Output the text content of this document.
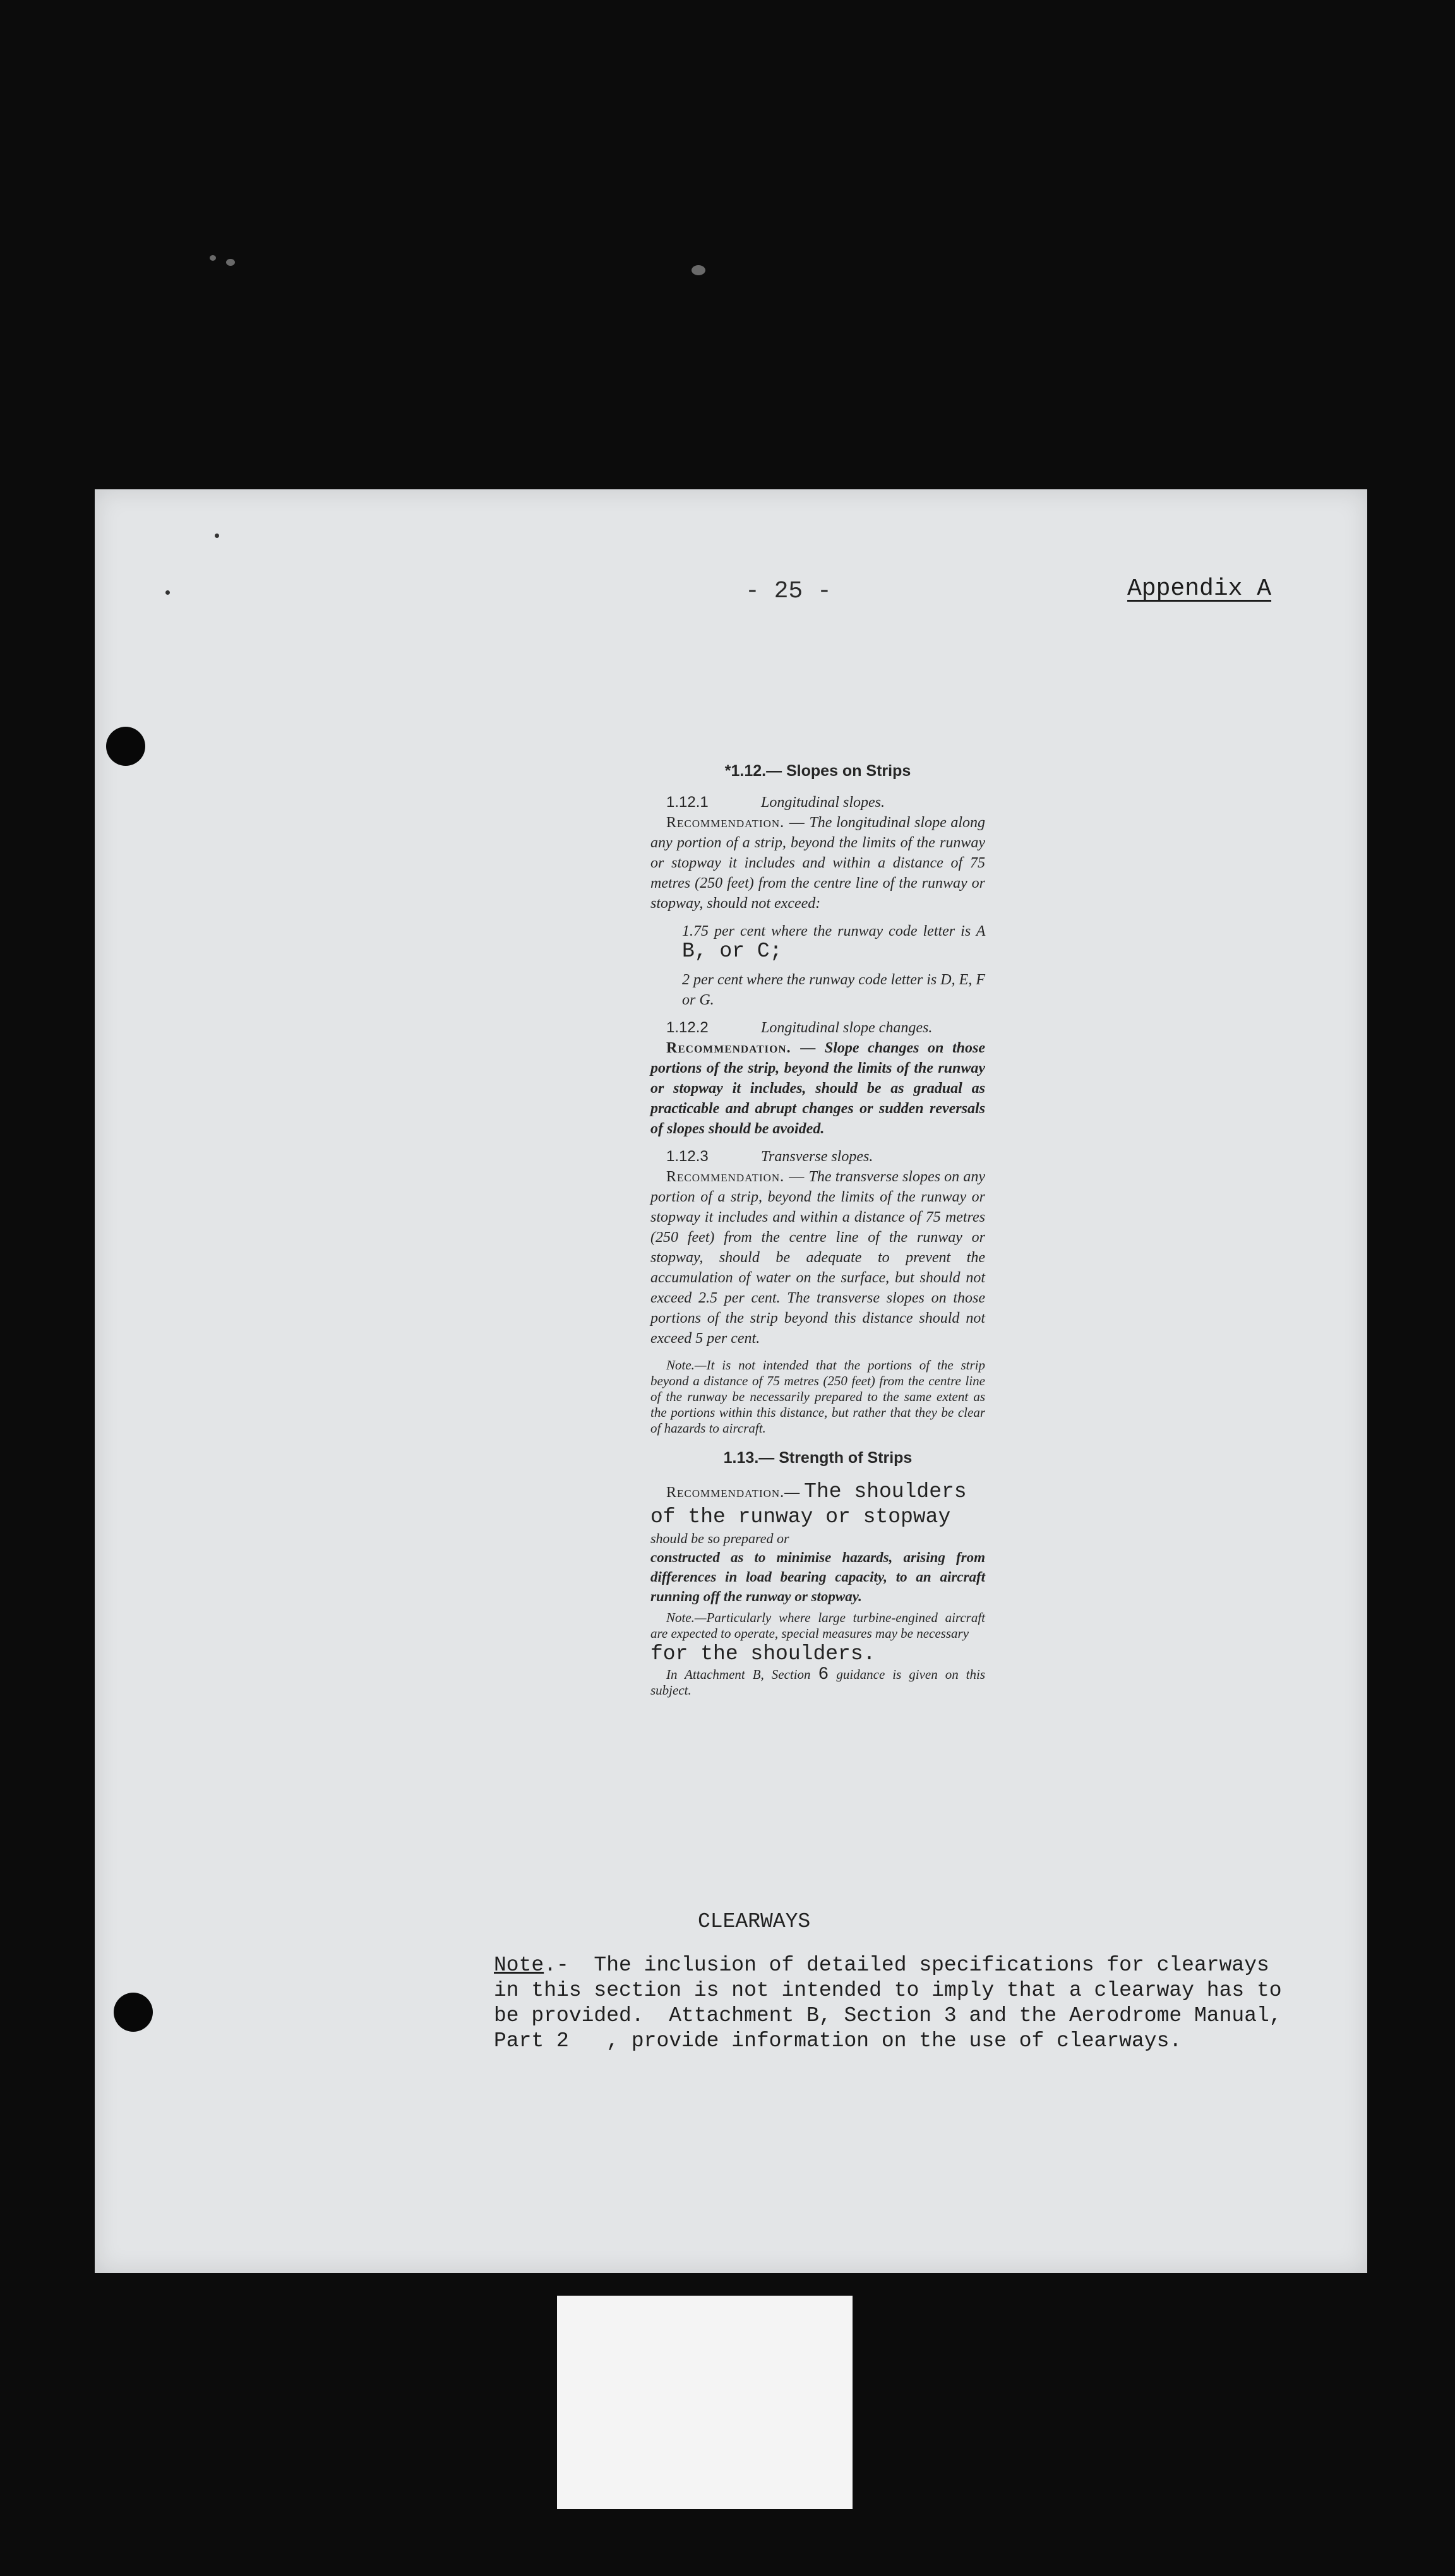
- 25 -	Appendix A

*1.12.— Slopes on Strips

1.12.1	Longitudinal slopes.

Recommendation. — The longitudinal slope along any portion of a strip, beyond the limits of the runway or stopway it includes and within a distance of 75 metres (250 feet) from the centre line of the runway or stopway, should not exceed:

1.75 per cent where the runway code letter is A B, or C;

2 per cent where the runway code letter is D, E, F or G.

1.12.2	Longitudinal slope changes.

Recommendation. — Slope changes on those portions of the strip, beyond the limits of the runway or stopway it includes, should be as gradual as practicable and abrupt changes or sudden reversals of slopes should be avoided.

1.12.3	Transverse slopes.

Recommendation. — The transverse slopes on any portion of a strip, beyond the limits of the runway or stopway it includes and within a distance of 75 metres (250 feet) from the centre line of the runway or stopway, should be adequate to prevent the accumulation of water on the surface, but should not exceed 2.5 per cent. The transverse slopes on those portions of the strip beyond this distance should not exceed 5 per cent.

Note.—It is not intended that the portions of the strip beyond a distance of 75 metres (250 feet) from the centre line of the runway be necessarily prepared to the same extent as the portions within this distance, but rather that they be clear of hazards to aircraft.

1.13.— Strength of Strips

Recommendation.— The shoulders

of the runway or stopway

should be so prepared or

constructed as to minimise hazards, arising from differences in load bearing capacity, to an aircraft running off the runway or stopway.

Note.—Particularly where large turbine-engined aircraft are expected to operate, special measures may be necessary

for the shoulders.

In Attachment B, Section 6 guidance is given on this subject.

CLEARWAYS

Note.-  The inclusion of detailed specifications for clearways

in this section is not intended to imply that a clearway has to

be provided.  Attachment B, Section 3 and the Aerodrome Manual,

Part 2   , provide information on the use of clearways.
